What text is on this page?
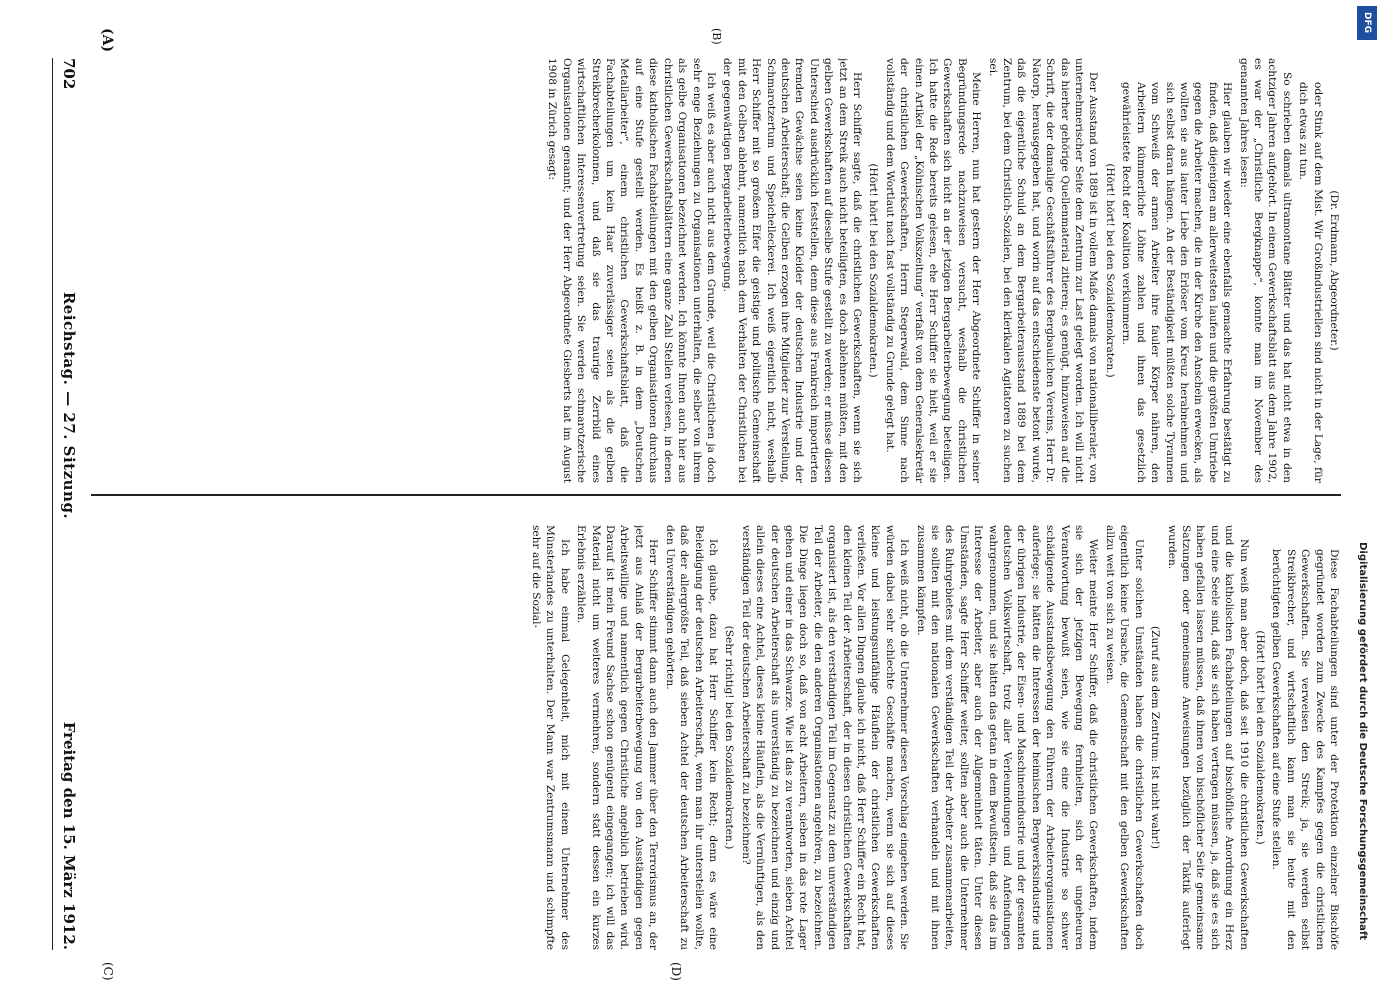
702
Reichstag. — 27. Sitzung.
Freitag den 15. März 1912.

(Dr. Erdmann, Abgeordneter.)

oder Stink auf dem Mist. Wir Großindustriellen sind nicht in der Lage, für dich etwas zu tun.

So schrieben damals ultramontane Blätter und das hat nicht etwa in den achtziger Jahren aufgehört. In einem Gewerkschaftsblatt aus dem Jahre 1902, es war der „Christliche Bergknappe“, konnte man im November des genannten Jahres lesen:

Hier glauben wir wieder eine ebenfalls gemachte Erfahrung bestätigt zu finden, daß diejenigen am allerweitesten laufen und die größten Umtriebe gegen die Arbeiter machen, die in der Kirche den Anschein erwecken, als wollten sie aus lauter Liebe den Erlöser vom Kreuz herabnehmen und sich selbst daran hängen. An der Beständigkeit müßten solche Tyrannen vom Schweiß der armen Arbeiter ihre fauler Körper nähren, den Arbeitern kümmerliche Löhne zahlen und ihnen das gesetzlich gewährleistete Recht der Koalition verkümmern.

(Hört! hört! bei den Sozialdemokraten.)

Der Ausstand von 1889 ist in vollem Maße damals von nationalliberaler, von unternehmerischer Seite dem Zentrum zur Last gelegt worden. Ich will nicht das hierher gehörige Quellenmaterial zitieren; es genügt, hinzuweisen auf die Schrift, die der damalige Geschäftsführer des Bergbaulichen Vereins, Herr Dr. Natorp, herausgegeben hat, und worin auf das entschiedenste betont wurde, daß die eigentliche Schuld an dem Bergarbeiterausstand 1889 bei dem Zentrum, bei dem Christlich-Sozialen, bei den klerikalen Agitatoren zu suchen sei.

Meine Herren, nun hat gestern der Herr Abgeordnete Schiffer in seiner Begründungsrede nachzuweisen versucht, weshalb die christlichen Gewerkschaften sich nicht an der jetzigen Bergarbeiterbewegung beteiligen. Ich hatte die Rede bereits gelesen, ehe Herr Schiffer sie hielt, weil er sie einen Artikel der „Kölnischen Volkszeitung“ verfaßt von dem Generalsekretär der christlichen Gewerkschaften, Herrn Stegerwald, dem Sinne nach vollständig und dem Wortlaut nach fast vollständig zu Grunde gelegt hat.

(Hört! hört! bei den Sozialdemokraten.)

Herr Schiffer sagte, daß die christlichen Gewerkschaften, wenn sie sich jetzt an dem Streik auch nicht beteiligten, es doch ablehnen müßten, mit den gelben Gewerkschaften auf dieselbe Stufe gestellt zu werden; er müsse diesen Unterschied ausdrücklich feststellen, denn diese aus Frankreich importierten fremden Gewächse seien keine Kleider der deutschen Industrie und der deutschen Arbeiterschaft; die Gelben erzogen ihre Mitglieder zur Verstellung, Schmarotzertum und Speichelleckerei. Ich weiß eigentlich nicht, weshalb Herr Schiffer mit so großem Eifer die geistige und politische Gemeinschaft mit den Gelben ablehnt, namentlich nach dem Verhalten der Christlichen bei der gegenwärtigen Bergarbeiterbewegung.

Ich weiß es aber auch nicht aus dem Grunde, weil die Christlichen ja doch sehr enge Beziehungen zu Organisationen unterhalten, die selber von ihrem als gelbe Organisationen bezeichnet werden. Ich könnte Ihnen auch hier aus christlichen Gewerkschaftsblättern eine ganze Zahl Stellen verlesen, in denen diese katholischen Fachabteilungen mit den gelben Organisationen durchaus auf eine Stufe gestellt werden. Es heißt z. B. in dem „Deutschen Metallarbeiter“, einem christlichen Gewerkschaftsblatt, daß die Fachabteilungen um kein Haar zuverlässiger seien als die gelben Streikbrecherkolonnen, und daß sie das traurige Zerrbild eines wirtschaftlichen Interessenvertretung seien. Sie werden schmarotzerische Organisationen genannt; und der Herr Abgeordnete Giesberts hat im August 1908 in Zürich gesagt:

Diese Fachabteilungen sind unter der Protektion einzelner Bischöfe gegründet worden zum Zwecke des Kampfes gegen die christlichen Gewerkschaften. Sie verweisen den Streik; ja, sie werden selbst Streikbrecher, und wirtschaftlich kann man sie heute mit den berüchtigten gelben Gewerkschaften auf eine Stufe stellen.

(Hört! hört! bei den Sozialdemokraten.)

Nun weiß man aber doch, daß seit 1910 die christlichen Gewerkschaften und die katholischen Fachabteilungen auf bischöfliche Anordnung ein Herz und eine Seele sind, daß sie sich haben vertragen müssen, ja, daß sie es sich haben gefallen lassen müssen, daß ihnen von bischöflicher Seite gemeinsame Satzungen oder gemeinsame Anweisungen bezüglich der Taktik auferlegt wurden.

(Zuruf aus dem Zentrum: Ist nicht wahr!)

Unter solchen Umständen haben die christlichen Gewerkschaften doch eigentlich keine Ursache, die Gemeinschaft mit den gelben Gewerkschaften allzu weit von sich zu weisen.

Weiter meinte Herr Schiffer, daß die christlichen Gewerkschaften, indem sie sich der jetzigen Bewegung fernhielten, sich der ungeheuren Verantwortung bewußt seien, wie sie eine die Industrie so schwer schädigende Ausstandsbewegung den Führern der Arbeiterorganisationen auferlege; sie hätten die Interessen der heimischen Bergwerksindustrie und der übrigen Industrie, der Eisen- und Maschinenindustrie und der gesamten deutschen Volkswirtschaft, trotz aller Verleumdungen und Anfeindungen wahrgenommen, und sie hätten das getan in dem Bewußtsein, daß sie das im Interesse der Arbeiter, aber auch der Allgemeinheit täten. Unter diesen Umständen, sagte Herr Schiffer weiter, sollten aber auch die Unternehmer des Ruhrgebietes mit dem verständigen Teil der Arbeiter zusammenarbeiten, sie sollten mit den nationalen Gewerkschaften verhandeln und mit ihnen zusammen kämpfen.

Ich weiß nicht, ob die Unternehmer diesen Vorschlag eingehen werden. Sie würden dabei sehr schlechte Geschäfte machen, wenn sie sich auf dieses kleine und leistungsunfähige Häuflein der christlichen Gewerkschaften verließen. Vor allen Dingen glaube ich nicht, daß Herr Schiffer ein Recht hat, den kleinen Teil der Arbeiterschaft, der in diesen christlichen Gewerkschaften organisiert ist, als den verständigen Teil im Gegensatz zu dem unverständigen Teil der Arbeiter, die den anderen Organisationen angehören, zu bezeichnen. Die Dinge liegen doch so, daß von acht Arbeitern, sieben in das rote Lager gehen und einer in das Schwarze. Wie ist das zu verantworten, sieben Achtel der deutschen Arbeiterschaft als unverständig zu bezeichnen und einzig und allein dieses eine Achtel, dieses kleine Häuflein, als die Vernünftigen, als den verständigen Teil der deutschen Arbeiterschaft zu bezeichnen?

(Sehr richtig! bei den Sozialdemokraten.)

Ich glaube, dazu hat Herr Schiffer kein Recht; denn es wäre eine Beleidigung der deutschen Arbeiterschaft, wenn man ihr unterstellen wollte, daß der allergrößte Teil, daß sieben Achtel der deutschen Arbeiterschaft zu den Unverständigen gehörten.

Herr Schiffer stimmt dann auch den Jammer über den Terrorismus an, der jetzt aus Anlaß der Bergarbeiterbewegung von den Ausständigen gegen Arbeitswillige und namentlich gegen Christliche angeblich betrieben wird. Darauf ist mein Freund Sachse schon genügend eingegangen; ich will das Material nicht um weiteres vermehren, sondern statt dessen ein kurzes Erlebnis erzählen.

Ich habe einmal Gelegenheit, mich mit einem Unternehmer des Münsterlandes zu unterhalten. Der Mann war Zentrumsmann und schimpfte sehr auf die Sozial-

(A)	(B)
(C)	(D)
Digitalisierung gefördert durch die Deutsche Forschungsgemeinschaft
DFG
